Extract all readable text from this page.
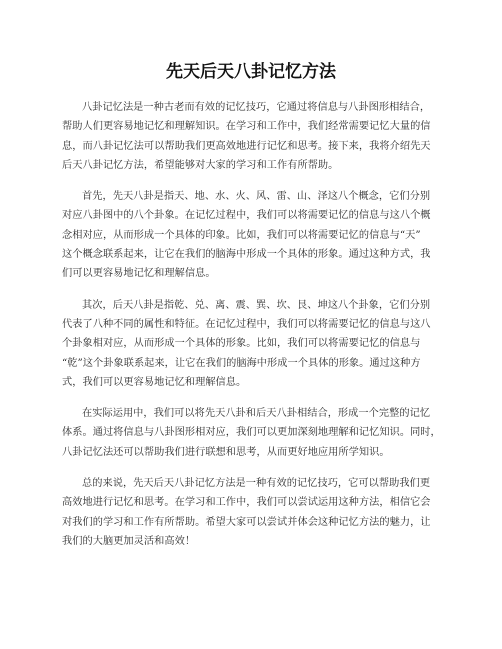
先天后天八卦记忆方法

八卦记忆法是一种古老而有效的记忆技巧，它通过将信息与八卦图形相结合，
帮助人们更容易地记忆和理解知识。在学习和工作中，我们经常需要记忆大量的信
息，而八卦记忆法可以帮助我们更高效地进行记忆和思考。接下来，我将介绍先天
后天八卦记忆方法，希望能够对大家的学习和工作有所帮助。

首先，先天八卦是指天、地、水、火、风、雷、山、泽这八个概念，它们分别
对应八卦图中的八个卦象。在记忆过程中，我们可以将需要记忆的信息与这八个概
念相对应，从而形成一个具体的印象。比如，我们可以将需要记忆的信息与“天”
这个概念联系起来，让它在我们的脑海中形成一个具体的形象。通过这种方式，我
们可以更容易地记忆和理解信息。

其次，后天八卦是指乾、兑、离、震、巽、坎、艮、坤这八个卦象，它们分别
代表了八种不同的属性和特征。在记忆过程中，我们可以将需要记忆的信息与这八
个卦象相对应，从而形成一个具体的形象。比如，我们可以将需要记忆的信息与
“乾”这个卦象联系起来，让它在我们的脑海中形成一个具体的形象。通过这种方
式，我们可以更容易地记忆和理解信息。

在实际运用中，我们可以将先天八卦和后天八卦相结合，形成一个完整的记忆
体系。通过将信息与八卦图形相对应，我们可以更加深刻地理解和记忆知识。同时，
八卦记忆法还可以帮助我们进行联想和思考，从而更好地应用所学知识。

总的来说，先天后天八卦记忆方法是一种有效的记忆技巧，它可以帮助我们更
高效地进行记忆和思考。在学习和工作中，我们可以尝试运用这种方法，相信它会
对我们的学习和工作有所帮助。希望大家可以尝试并体会这种记忆方法的魅力，让
我们的大脑更加灵活和高效！
